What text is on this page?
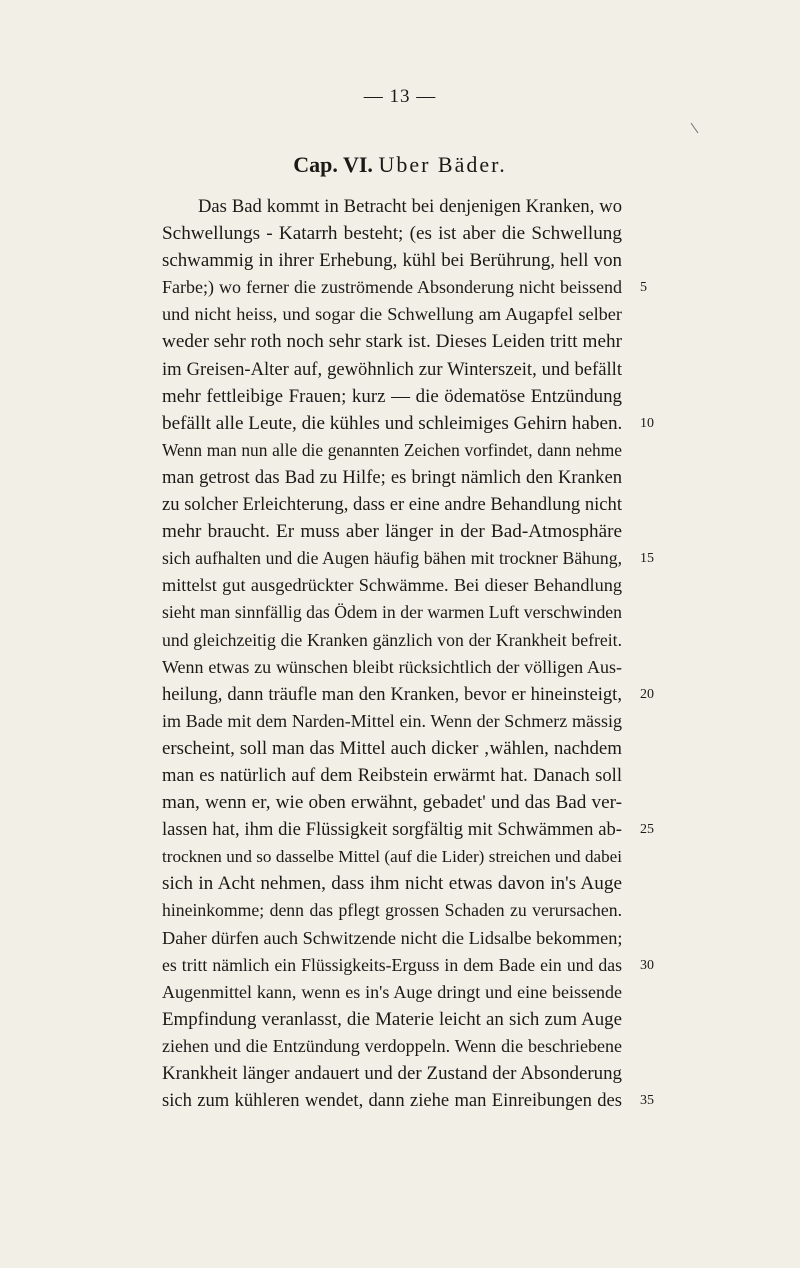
— 13 —
Cap. VI. Uber Bäder.
Das Bad kommt in Betracht bei denjenigen Kranken, wo
Schwellungs - Katarrh besteht; (es ist aber die Schwellung
schwammig in ihrer Erhebung, kühl bei Berührung, hell von
Farbe;) wo ferner die zuströmende Absonderung nicht beissend 5
und nicht heiss, und sogar die Schwellung am Augapfel selber
weder sehr roth noch sehr stark ist. Dieses Leiden tritt mehr
im Greisen-Alter auf, gewöhnlich zur Winterszeit, und befällt
mehr fettleibige Frauen; kurz — die ödematöse Entzündung
befällt alle Leute, die kühles und schleimiges Gehirn haben. 10
Wenn man nun alle die genannten Zeichen vorfindet, dann nehme
man getrost das Bad zu Hilfe; es bringt nämlich den Kranken
zu solcher Erleichterung, dass er eine andre Behandlung nicht
mehr braucht. Er muss aber länger in der Bad-Atmosphäre
sich aufhalten und die Augen häufig bähen mit trockner Bähung, 15
mittelst gut ausgedrückter Schwämme. Bei dieser Behandlung
sieht man sinnfällig das Ödem in der warmen Luft verschwinden
und gleichzeitig die Kranken gänzlich von der Krankheit befreit.
Wenn etwas zu wünschen bleibt rücksichtlich der völligen Aus-
heilung, dann träufle man den Kranken, bevor er hineinsteigt, 20
im Bade mit dem Narden-Mittel ein. Wenn der Schmerz mässig
erscheint, soll man das Mittel auch dicker ‚wählen, nachdem
man es natürlich auf dem Reibstein erwärmt hat. Danach soll
man, wenn er, wie oben erwähnt, gebadet' und das Bad ver-
lassen hat, ihm die Flüssigkeit sorgfältig mit Schwämmen ab- 25
trocknen und so dasselbe Mittel (auf die Lider) streichen und dabei
sich in Acht nehmen, dass ihm nicht etwas davon in's Auge
hineinkomme; denn das pflegt grossen Schaden zu verursachen.
Daher dürfen auch Schwitzende nicht die Lidsalbe bekommen;
es tritt nämlich ein Flüssigkeits-Erguss in dem Bade ein und das 30
Augenmittel kann, wenn es in's Auge dringt und eine beissende
Empfindung veranlasst, die Materie leicht an sich zum Auge
ziehen und die Entzündung verdoppeln. Wenn die beschriebene
Krankheit länger andauert und der Zustand der Absonderung
sich zum kühleren wendet, dann ziehe man Einreibungen des 35
